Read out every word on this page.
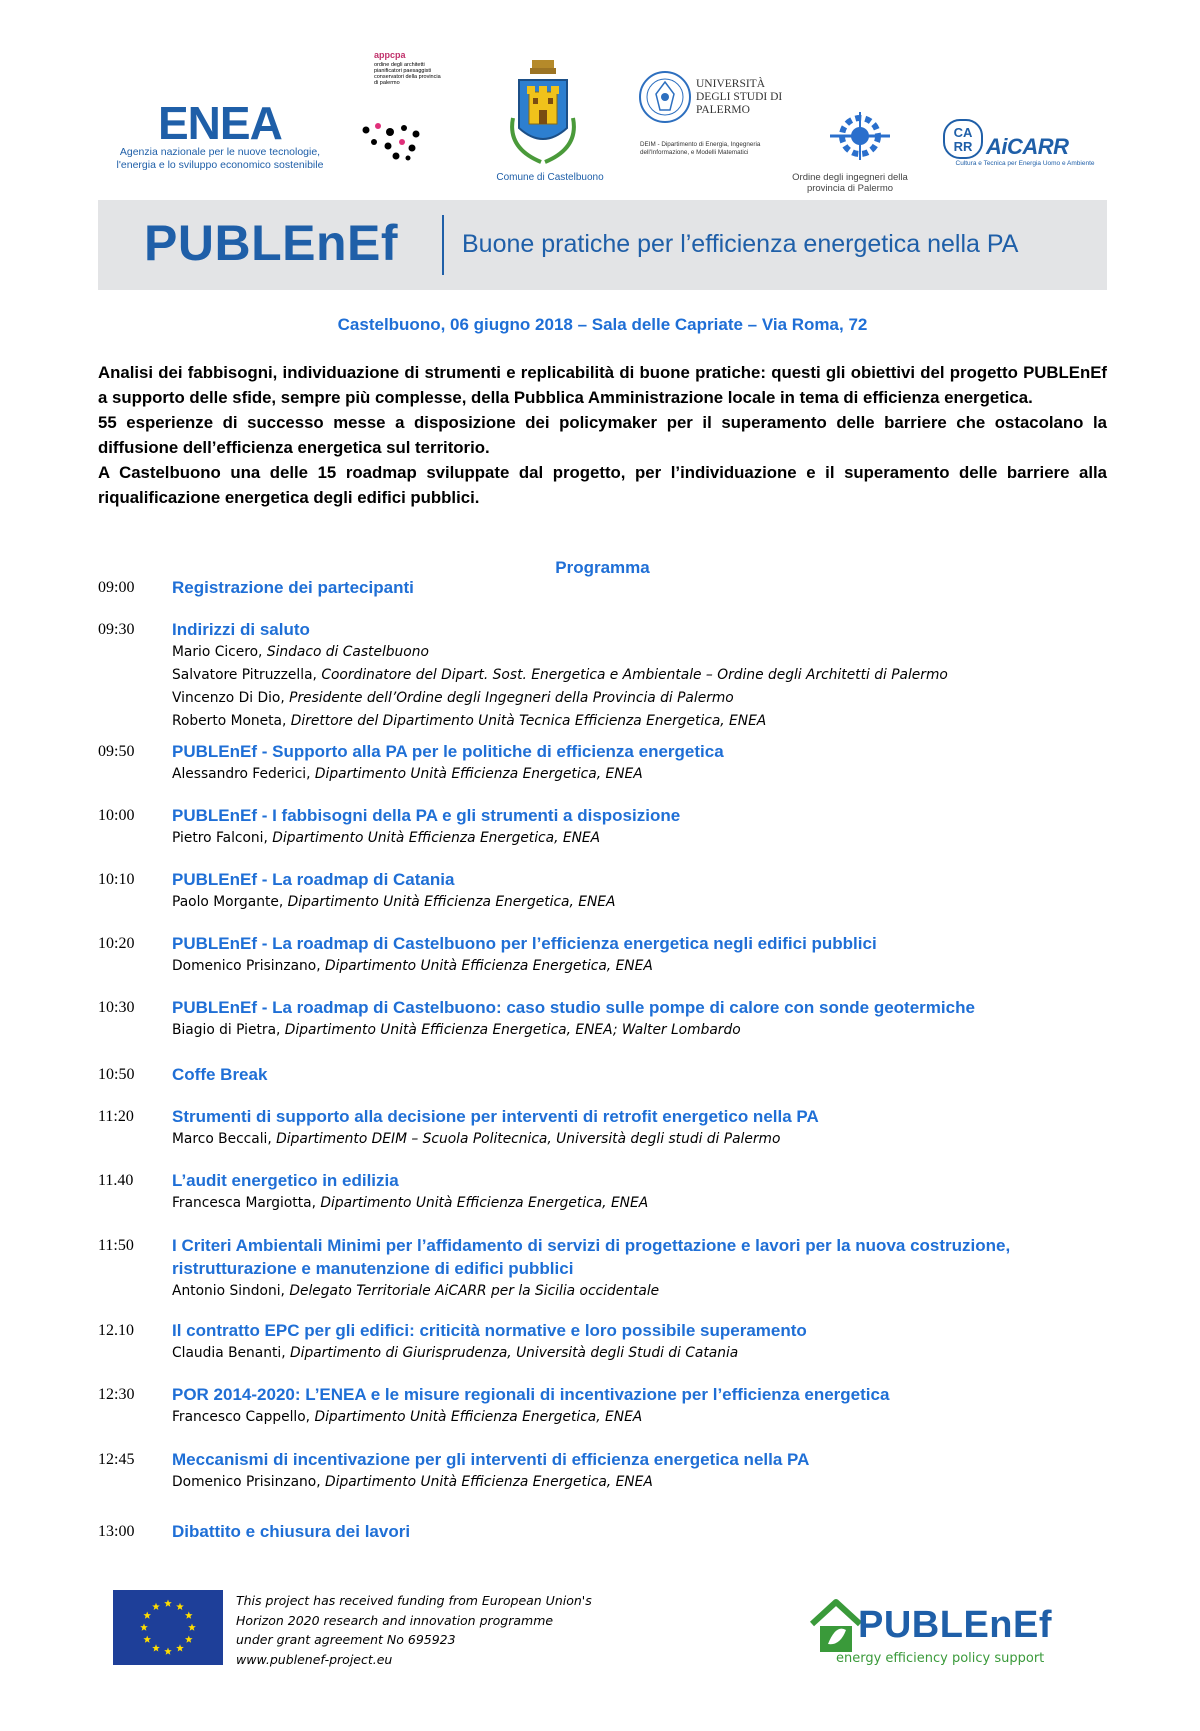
ENEA
Agenzia nazionale per le nuove tecnologie, l'energia e lo sviluppo economico sostenibile
appcpa
ordine degli architetti pianificatori paesaggisti conservatori della provincia di palermo
Comune di Castelbuono
UNIVERSITÀ DEGLI STUDI DI PALERMO
DEIM - Dipartimento di Energia, Ingegneria dell'Informazione, e Modelli Matematici
Ordine degli ingegneri della provincia di Palermo
CA
RR AiCARR
Cultura e Tecnica per Energia Uomo e Ambiente
PUBLEnEf	Buone pratiche per l’efficienza energetica nella PA
Castelbuono, 06 giugno 2018 – Sala delle Capriate – Via Roma, 72

Analisi dei fabbisogni, individuazione di strumenti e replicabilità di buone pratiche: questi gli obiettivi del progetto PUBLEnEf a supporto delle sfide, sempre più complesse, della Pubblica Amministrazione locale in tema di efficienza energetica.

55 esperienze di successo messe a disposizione dei policymaker per il superamento delle barriere che ostacolano la diffusione dell’efficienza energetica sul territorio.

A Castelbuono una delle 15 roadmap sviluppate dal progetto, per l’individuazione e il superamento delle barriere alla riqualificazione energetica degli edifici pubblici.

Programma
09:00	Registrazione dei partecipanti
09:30	Indirizzi di saluto
Mario Cicero, Sindaco di Castelbuono
Salvatore Pitruzzella, Coordinatore del Dipart. Sost. Energetica e Ambientale – Ordine degli Architetti di Palermo
Vincenzo Di Dio, Presidente dell’Ordine degli Ingegneri della Provincia di Palermo
Roberto Moneta, Direttore del Dipartimento Unità Tecnica Efficienza Energetica, ENEA
09:50	PUBLEnEf - Supporto alla PA per le politiche di efficienza energetica
Alessandro Federici, Dipartimento Unità Efficienza Energetica, ENEA
10:00	PUBLEnEf - I fabbisogni della PA e gli strumenti a disposizione
Pietro Falconi, Dipartimento Unità Efficienza Energetica, ENEA
10:10	PUBLEnEf - La roadmap di Catania
Paolo Morgante, Dipartimento Unità Efficienza Energetica, ENEA
10:20	PUBLEnEf - La roadmap di Castelbuono per l’efficienza energetica negli edifici pubblici
Domenico Prisinzano, Dipartimento Unità Efficienza Energetica, ENEA
10:30	PUBLEnEf - La roadmap di Castelbuono: caso studio sulle pompe di calore con sonde geotermiche
Biagio di Pietra, Dipartimento Unità Efficienza Energetica, ENEA; Walter Lombardo
10:50	Coffe Break
11:20	Strumenti di supporto alla decisione per interventi di retrofit energetico nella PA
Marco Beccali, Dipartimento DEIM – Scuola Politecnica, Università degli studi di Palermo
11.40	L’audit energetico in edilizia
Francesca Margiotta, Dipartimento Unità Efficienza Energetica, ENEA
11:50	I Criteri Ambientali Minimi per l’affidamento di servizi di progettazione e lavori per la nuova costruzione, ristrutturazione e manutenzione di edifici pubblici
Antonio Sindoni, Delegato Territoriale AiCARR per la Sicilia occidentale
12.10	Il contratto EPC per gli edifici: criticità normative e loro possibile superamento
Claudia Benanti, Dipartimento di Giurisprudenza, Università degli Studi di Catania
12:30	POR 2014-2020: L’ENEA e le misure regionali di incentivazione per l’efficienza energetica
Francesco Cappello, Dipartimento Unità Efficienza Energetica, ENEA
12:45	Meccanismi di incentivazione per gli interventi di efficienza energetica nella PA
Domenico Prisinzano, Dipartimento Unità Efficienza Energetica, ENEA
13:00	Dibattito e chiusura dei lavori
This project has received funding from European Union's
Horizon 2020 research and innovation programme
under grant agreement No 695923
www.publenef-project.eu
PUBLEnEf
energy efficiency policy support
